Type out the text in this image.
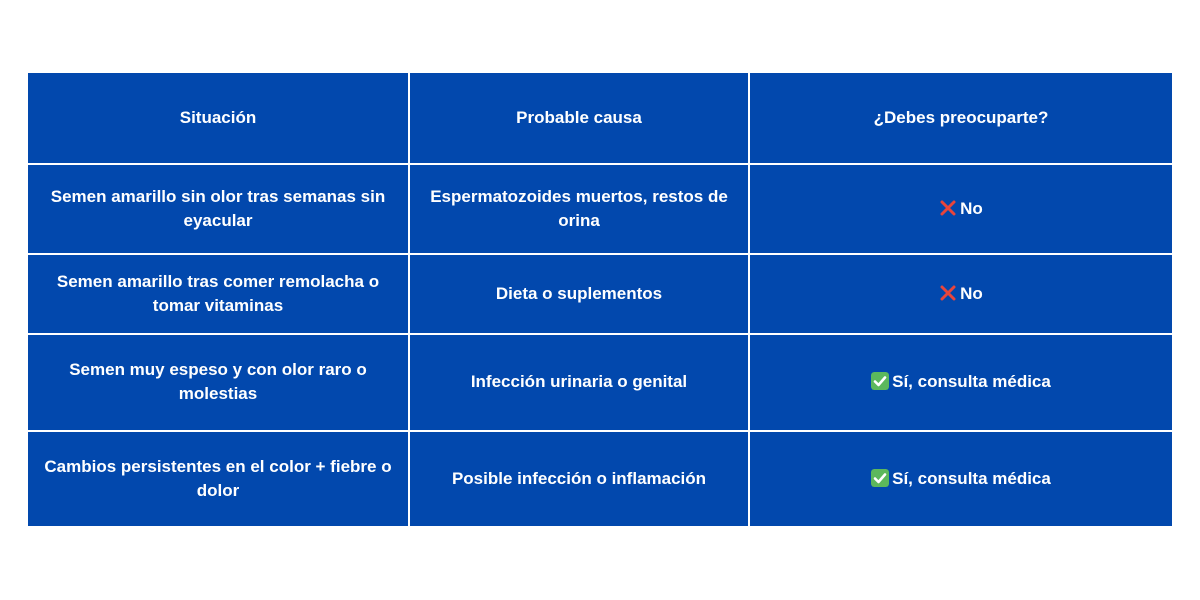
Situación	Probable causa	¿Debes preocuparte?
Semen amarillo sin olor tras semanas sin eyacular	Espermatozoides muertos, restos de orina	No
Semen amarillo tras comer remolacha o tomar vitaminas	Dieta o suplementos	No
Semen muy espeso y con olor raro o molestias	Infección urinaria o genital	Sí, consulta médica
Cambios persistentes en el color + fiebre o dolor	Posible infección o inflamación	Sí, consulta médica
